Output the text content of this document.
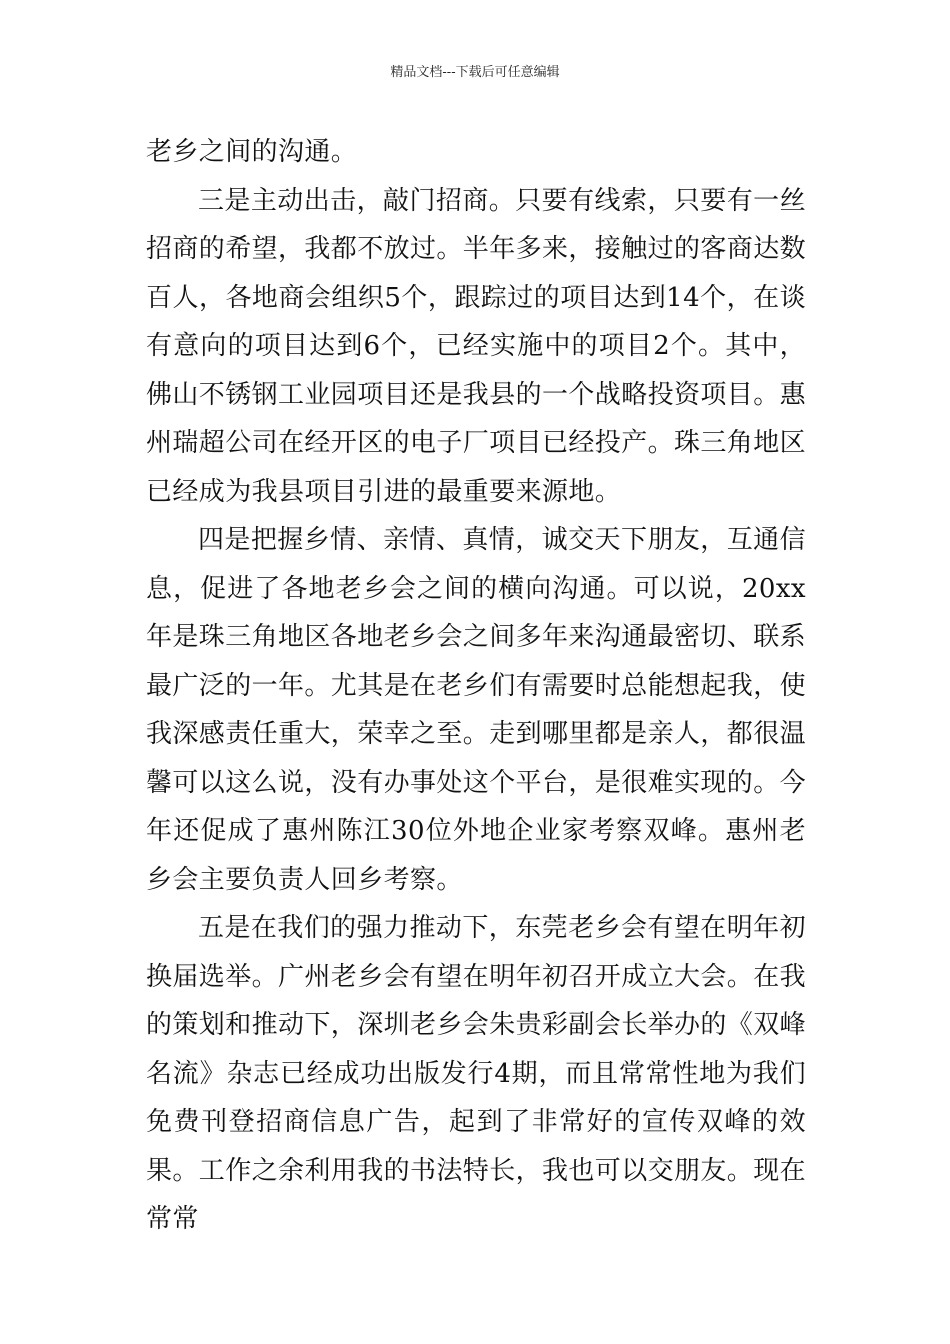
精品文档---下载后可任意编辑

老乡之间的沟通。

三是主动出击，敲门招商。只要有线索，只要有一丝招商的希望，我都不放过。半年多来，接触过的客商达数百人，各地商会组织5个，跟踪过的项目达到14个，在谈有意向的项目达到6个，已经实施中的项目2个。其中，佛山不锈钢工业园项目还是我县的一个战略投资项目。惠州瑞超公司在经开区的电子厂项目已经投产。珠三角地区已经成为我县项目引进的最重要来源地。

四是把握乡情、亲情、真情，诚交天下朋友，互通信息，促进了各地老乡会之间的横向沟通。可以说，20xx年是珠三角地区各地老乡会之间多年来沟通最密切、联系最广泛的一年。尤其是在老乡们有需要时总能想起我，使我深感责任重大，荣幸之至。走到哪里都是亲人，都很温馨可以这么说，没有办事处这个平台，是很难实现的。今年还促成了惠州陈江30位外地企业家考察双峰。惠州老乡会主要负责人回乡考察。

五是在我们的强力推动下，东莞老乡会有望在明年初换届选举。广州老乡会有望在明年初召开成立大会。在我的策划和推动下，深圳老乡会朱贵彩副会长举办的《双峰名流》杂志已经成功出版发行4期，而且常常性地为我们免费刊登招商信息广告，起到了非常好的宣传双峰的效果。工作之余利用我的书法特长，我也可以交朋友。现在常常
